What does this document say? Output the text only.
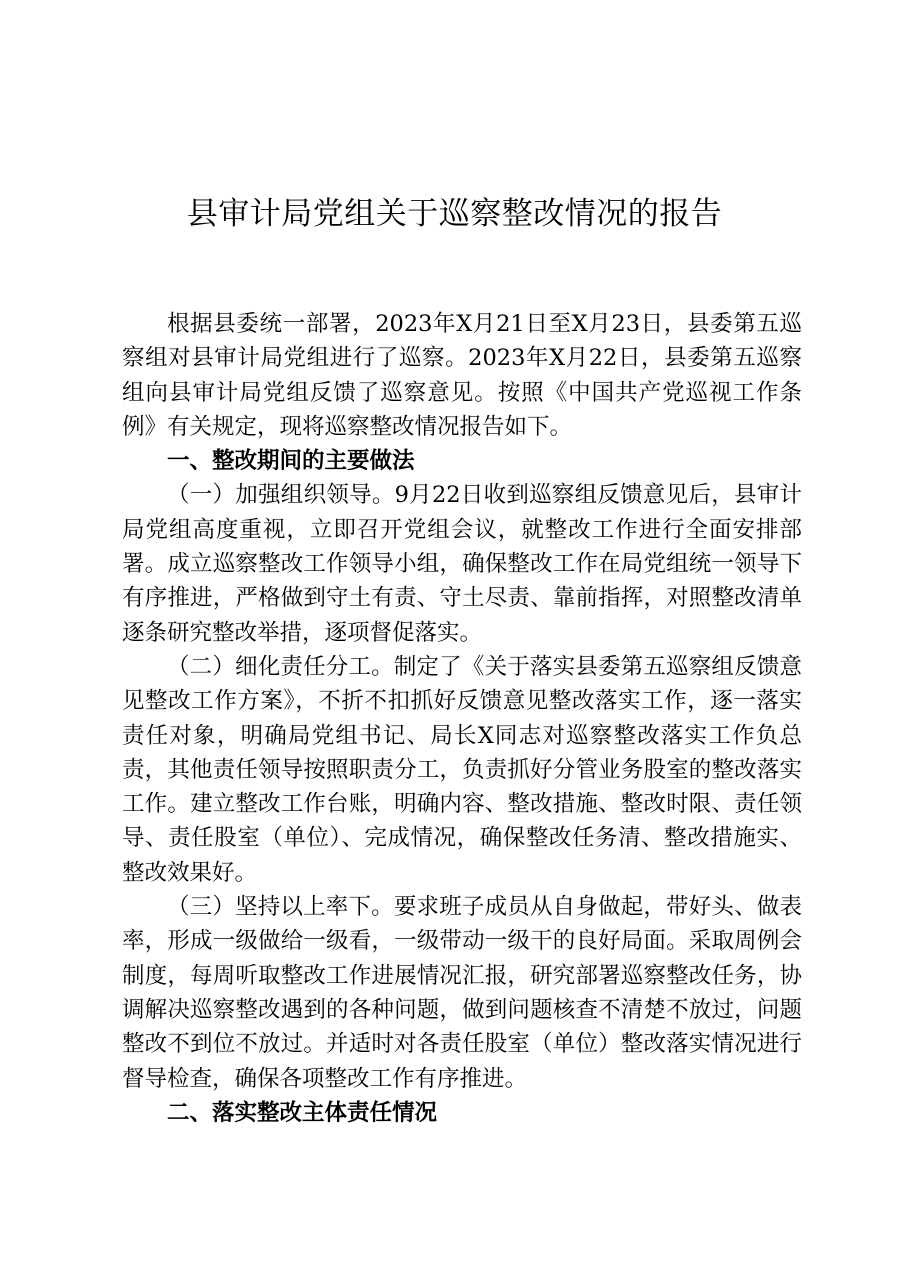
县审计局党组关于巡察整改情况的报告

根据县委统一部署，2023年X月21日至X月23日，县委第五巡察组对县审计局党组进行了巡察。2023年X月22日，县委第五巡察组向县审计局党组反馈了巡察意见。按照《中国共产党巡视工作条例》有关规定，现将巡察整改情况报告如下。

一、整改期间的主要做法

（一）加强组织领导。9月22日收到巡察组反馈意见后，县审计局党组高度重视，立即召开党组会议，就整改工作进行全面安排部署。成立巡察整改工作领导小组，确保整改工作在局党组统一领导下有序推进，严格做到守土有责、守土尽责、靠前指挥，对照整改清单逐条研究整改举措，逐项督促落实。

（二）细化责任分工。制定了《关于落实县委第五巡察组反馈意见整改工作方案》，不折不扣抓好反馈意见整改落实工作，逐一落实责任对象，明确局党组书记、局长X同志对巡察整改落实工作负总责，其他责任领导按照职责分工，负责抓好分管业务股室的整改落实工作。建立整改工作台账，明确内容、整改措施、整改时限、责任领导、责任股室（单位）、完成情况，确保整改任务清、整改措施实、整改效果好。

（三）坚持以上率下。要求班子成员从自身做起，带好头、做表率，形成一级做给一级看，一级带动一级干的良好局面。采取周例会制度，每周听取整改工作进展情况汇报，研究部署巡察整改任务，协调解决巡察整改遇到的各种问题，做到问题核查不清楚不放过，问题整改不到位不放过。并适时对各责任股室（单位）整改落实情况进行督导检查，确保各项整改工作有序推进。

二、落实整改主体责任情况
